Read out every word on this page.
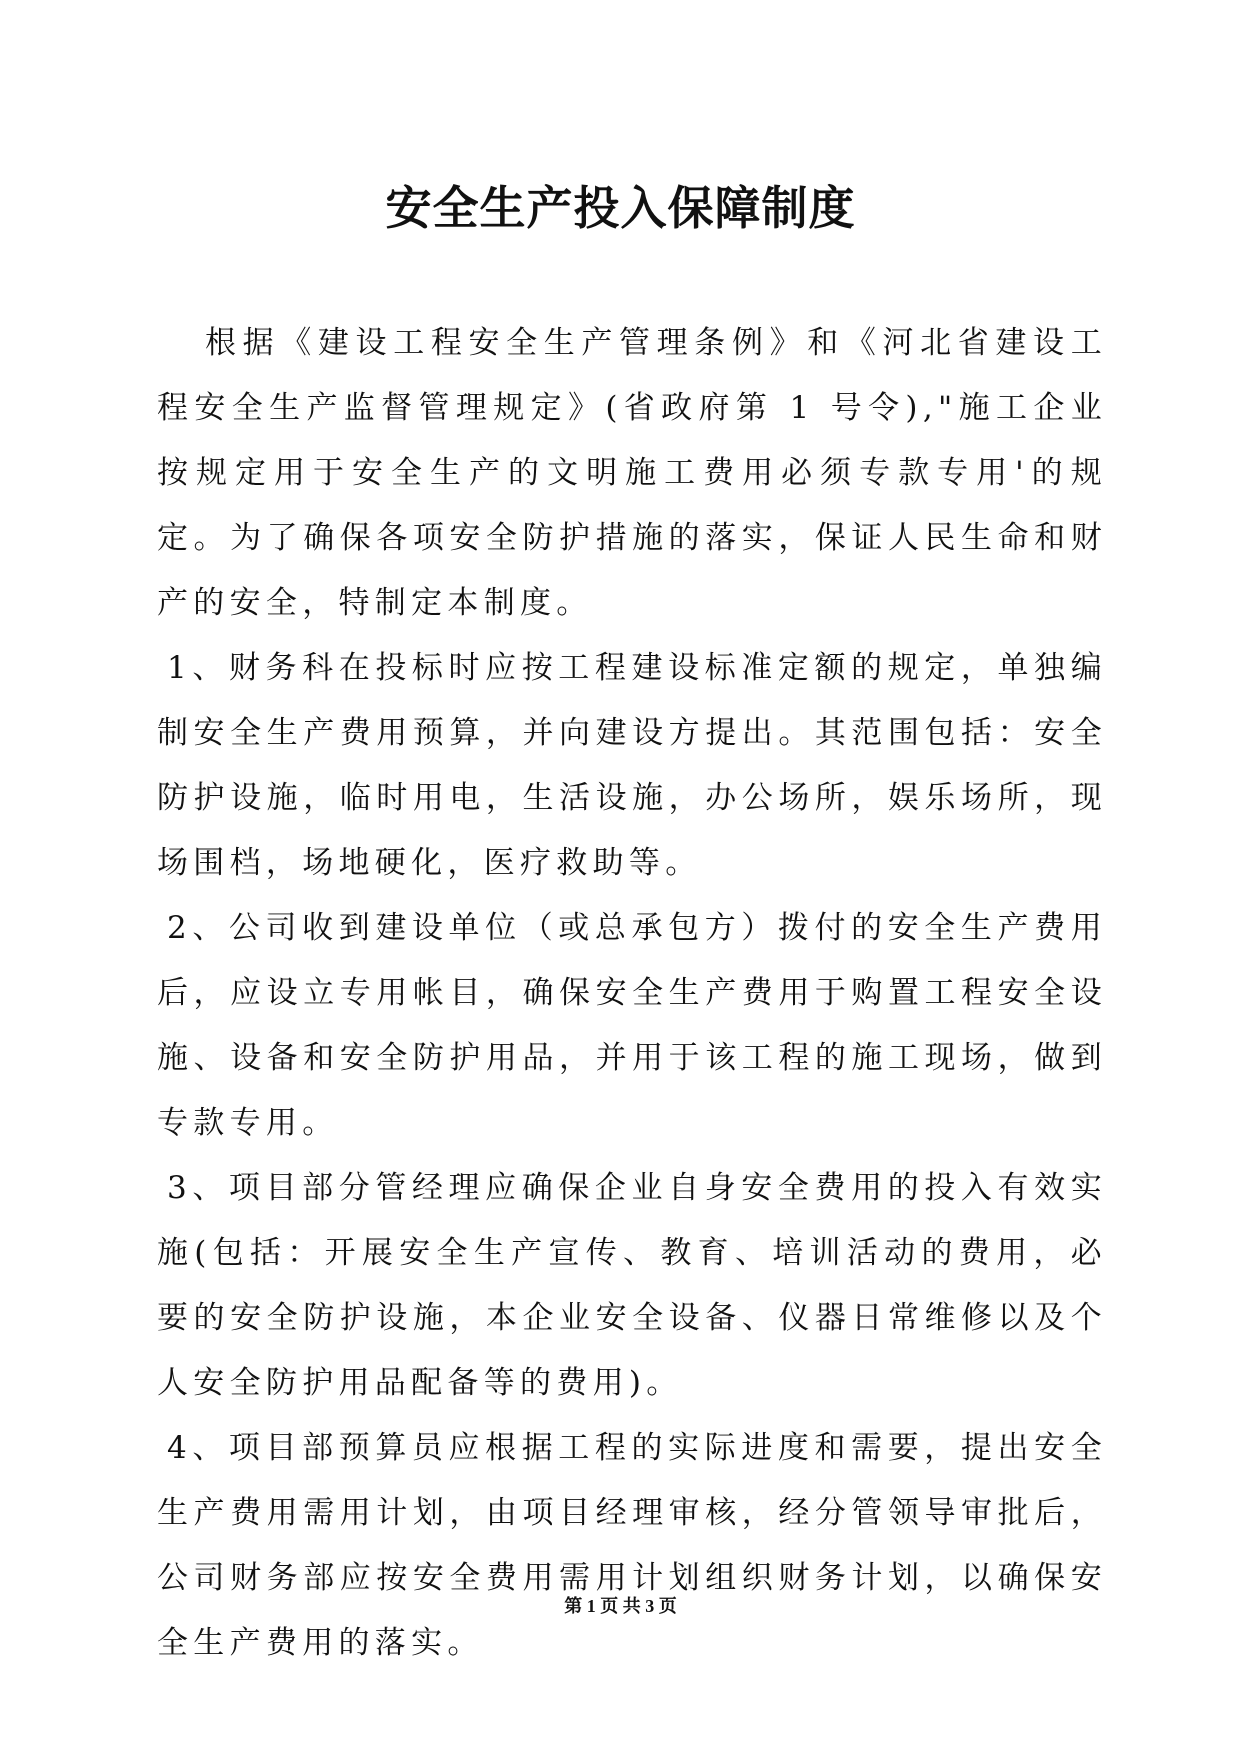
安全生产投入保障制度

根据《建设工程安全生产管理条例》和《河北省建设工程安全生产监督管理规定》(省政府第 1 号令),"施工企业按规定用于安全生产的文明施工费用必须专款专用'的规定。为了确保各项安全防护措施的落实，保证人民生命和财产的安全，特制定本制度。

1、财务科在投标时应按工程建设标准定额的规定，单独编制安全生产费用预算，并向建设方提出。其范围包括：安全防护设施，临时用电，生活设施，办公场所，娱乐场所，现场围档，场地硬化，医疗救助等。

2、公司收到建设单位（或总承包方）拨付的安全生产费用后，应设立专用帐目，确保安全生产费用于购置工程安全设施、设备和安全防护用品，并用于该工程的施工现场，做到专款专用。

3、项目部分管经理应确保企业自身安全费用的投入有效实施(包括：开展安全生产宣传、教育、培训活动的费用，必要的安全防护设施，本企业安全设备、仪器日常维修以及个人安全防护用品配备等的费用)。

4、项目部预算员应根据工程的实际进度和需要，提出安全生产费用需用计划，由项目经理审核，经分管领导审批后，公司财务部应按安全费用需用计划组织财务计划，以确保安全生产费用的落实。

第 1 页 共 3 页
